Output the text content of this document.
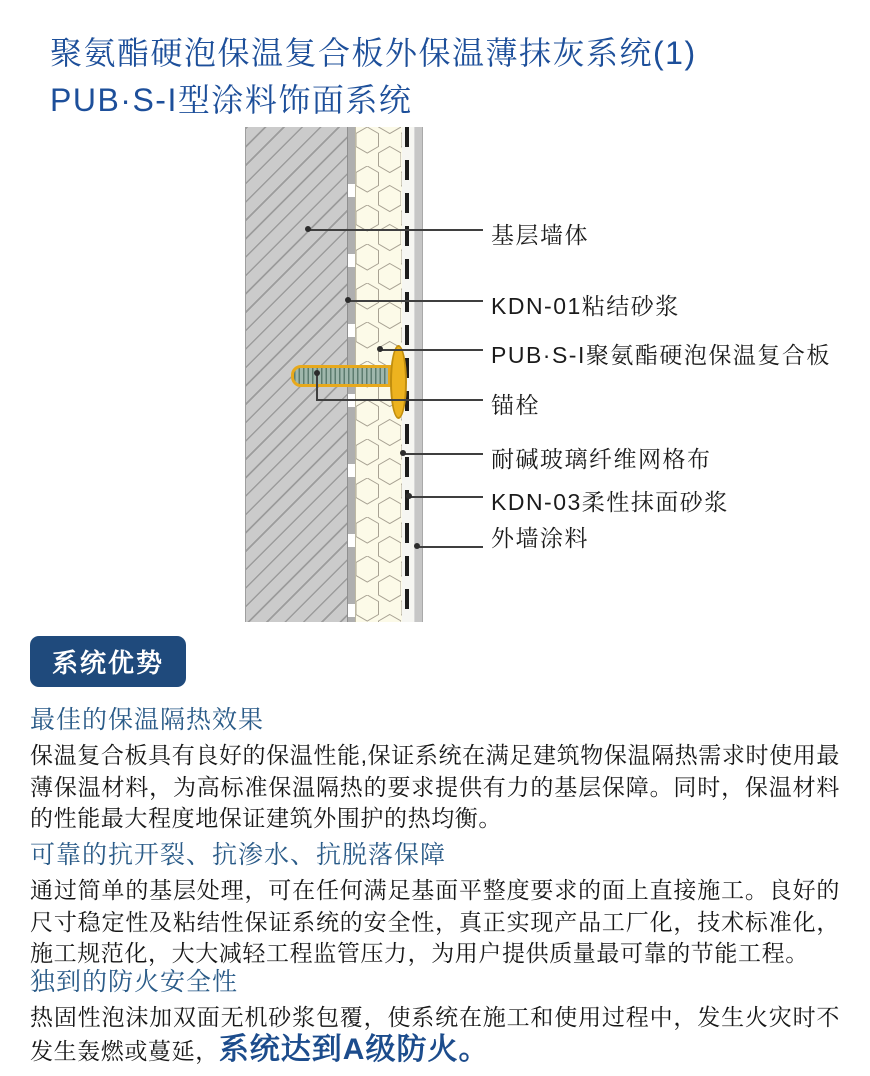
聚氨酯硬泡保温复合板外保温薄抹灰系统(1)
PUB·S-I型涂料饰面系统
基层墙体
KDN-01粘结砂浆
PUB·S-I聚氨酯硬泡保温复合板
锚栓
耐碱玻璃纤维网格布
KDN-03柔性抹面砂浆
外墙涂料
系统优势
最佳的保温隔热效果

保温复合板具有良好的保温性能,保证系统在满足建筑物保温隔热需求时使用最薄保温材料，为高标准保温隔热的要求提供有力的基层保障。同时，保温材料的性能最大程度地保证建筑外围护的热均衡。

可靠的抗开裂、抗渗水、抗脱落保障

通过简单的基层处理，可在任何满足基面平整度要求的面上直接施工。良好的尺寸稳定性及粘结性保证系统的安全性，真正实现产品工厂化，技术标准化，施工规范化，大大减轻工程监管压力，为用户提供质量最可靠的节能工程。

独到的防火安全性

热固性泡沫加双面无机砂浆包覆，使系统在施工和使用过程中，发生火灾时不发生轰燃或蔓延，系统达到A级防火。
